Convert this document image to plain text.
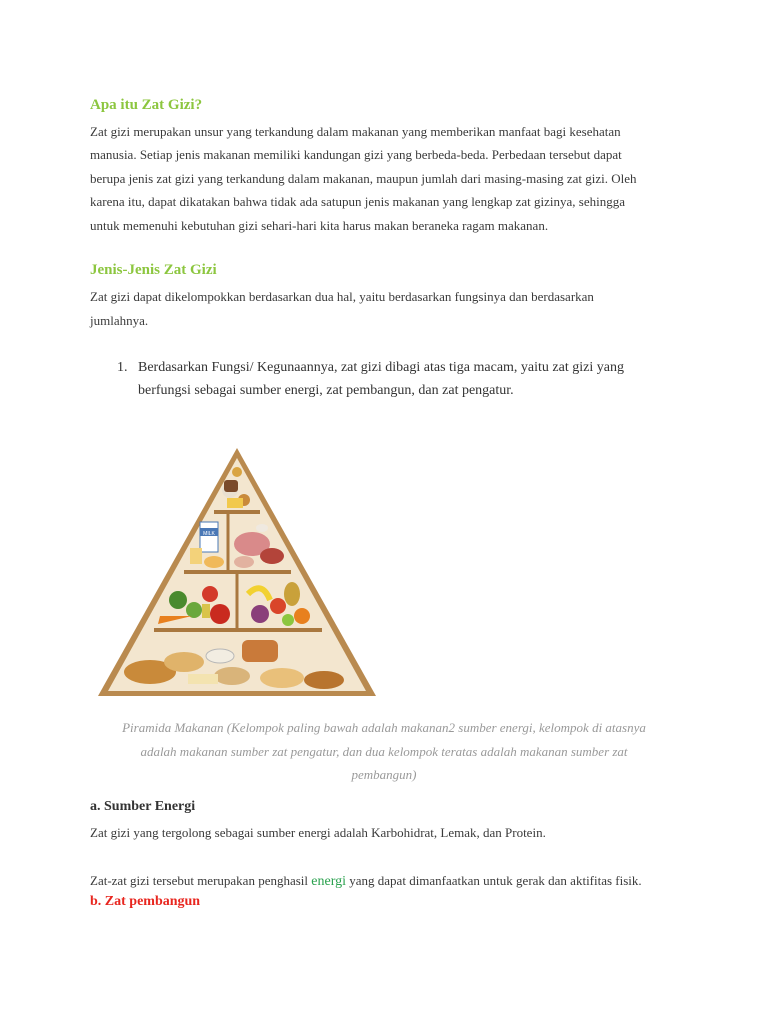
Apa itu Zat Gizi?

Zat gizi merupakan unsur yang terkandung dalam makanan yang memberikan manfaat bagi kesehatan

manusia. Setiap jenis makanan memiliki kandungan gizi yang berbeda-beda. Perbedaan tersebut dapat

berupa jenis zat gizi yang terkandung dalam makanan, maupun jumlah dari masing-masing zat gizi. Oleh

karena itu, dapat dikatakan bahwa tidak ada satupun jenis makanan yang lengkap zat gizinya, sehingga

untuk memenuhi kebutuhan gizi sehari-hari kita harus makan beraneka ragam makanan.

Jenis-Jenis Zat Gizi

Zat gizi dapat dikelompokkan berdasarkan dua hal, yaitu berdasarkan fungsinya dan berdasarkan

jumlahnya.

1. Berdasarkan Fungsi/ Kegunaannya, zat gizi dibagi atas tiga macam, yaitu zat gizi yang
berfungsi sebagai sumber energi, zat pembangun, dan zat pengatur.
MILK
Piramida Makanan (Kelompok paling bawah adalah makanan2 sumber energi, kelompok di atasnya
adalah makanan sumber zat pengatur, dan dua kelompok teratas adalah makanan sumber zat
pembangun)
a. Sumber Energi

Zat gizi yang tergolong sebagai sumber energi adalah Karbohidrat, Lemak, dan Protein.

Zat-zat gizi tersebut merupakan penghasil energi yang dapat dimanfaatkan untuk gerak dan aktifitas fisik.

b. Zat pembangun
